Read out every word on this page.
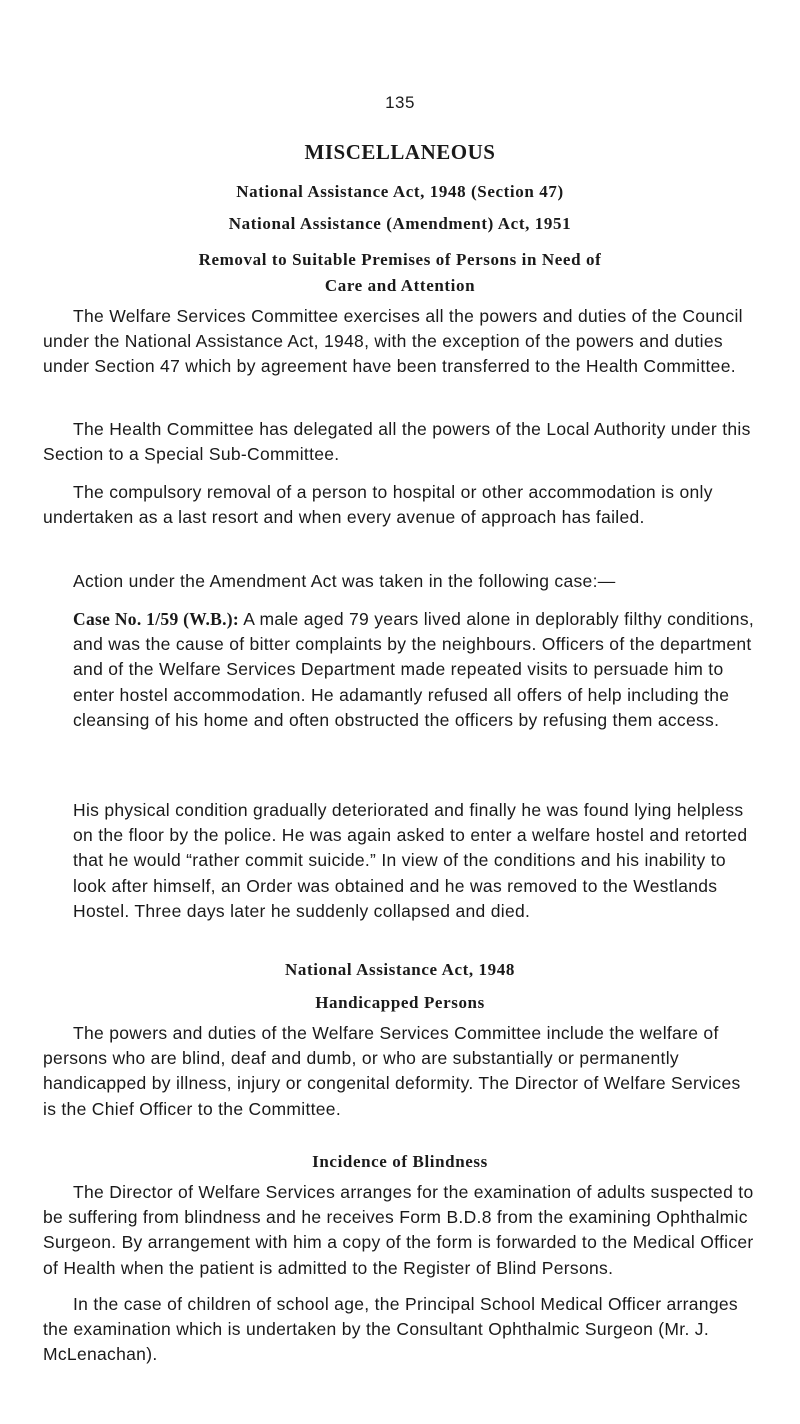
135
MISCELLANEOUS
National Assistance Act, 1948 (Section 47)
National Assistance (Amendment) Act, 1951
Removal to Suitable Premises of Persons in Need of
Care and Attention

The Welfare Services Committee exercises all the powers and duties of the Council under the National Assistance Act, 1948, with the exception of the powers and duties under Section 47 which by agreement have been transferred to the Health Committee.

The Health Committee has delegated all the powers of the Local Authority under this Section to a Special Sub-Committee.

The compulsory removal of a person to hospital or other accommodation is only undertaken as a last resort and when every avenue of approach has failed.

Action under the Amendment Act was taken in the following case:—

Case No. 1/59 (W.B.): A male aged 79 years lived alone in deplorably filthy conditions, and was the cause of bitter complaints by the neighbours. Officers of the department and of the Welfare Services Department made repeated visits to persuade him to enter hostel accommodation. He adamantly refused all offers of help including the cleansing of his home and often obstructed the officers by refusing them access.

His physical condition gradually deteriorated and finally he was found lying helpless on the floor by the police. He was again asked to enter a welfare hostel and retorted that he would “rather commit suicide.” In view of the conditions and his inability to look after himself, an Order was obtained and he was removed to the Westlands Hostel. Three days later he suddenly collapsed and died.

National Assistance Act, 1948
Handicapped Persons

The powers and duties of the Welfare Services Committee include the welfare of persons who are blind, deaf and dumb, or who are substantially or permanently handicapped by illness, injury or congenital deformity. The Director of Welfare Services is the Chief Officer to the Committee.

Incidence of Blindness

The Director of Welfare Services arranges for the examination of adults suspected to be suffering from blindness and he receives Form B.D.8 from the examining Ophthalmic Surgeon. By arrangement with him a copy of the form is forwarded to the Medical Officer of Health when the patient is admitted to the Register of Blind Persons.

In the case of children of school age, the Principal School Medical Officer arranges the examination which is undertaken by the Consultant Ophthalmic Surgeon (Mr. J. McLenachan).
